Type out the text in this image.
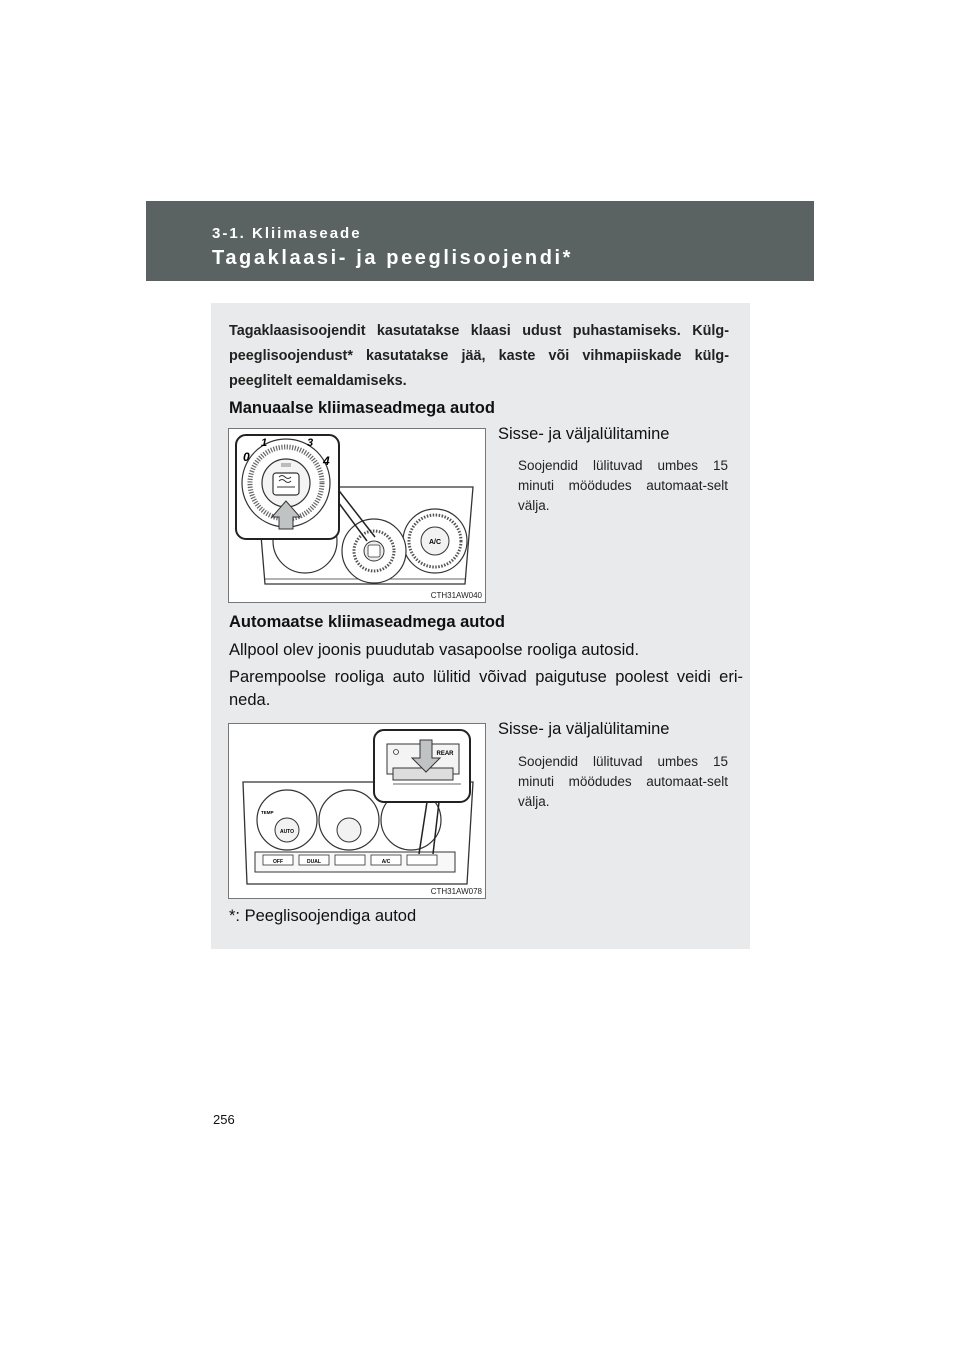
3-1. Kliimaseade
Tagaklaasi- ja peeglisoojendi*
Tagaklaasisoojendit kasutatakse klaasi udust puhastamiseks. Külg-peeglisoojendust* kasutatakse jää, kaste või vihmapiiskade külg-peeglitelt eemaldamiseks.
Manuaalse kliimaseadmega autod
A/C
0
1	3
4
CTH31AW040
Sisse- ja väljalülitamine
Soojendid lülituvad umbes 15 minuti möödudes automaat-selt välja.
Automaatse kliimaseadmega autod
Allpool olev joonis puudutab vasapoolse rooliga autosid.
Parempoolse rooliga auto lülitid võivad paigutuse poolest veidi eri-neda.
AUTO
TEMP
OFF	DUAL	A/C
REAR
CTH31AW078
Sisse- ja väljalülitamine
Soojendid lülituvad umbes 15 minuti möödudes automaat-selt välja.
*: Peeglisoojendiga autod
256
